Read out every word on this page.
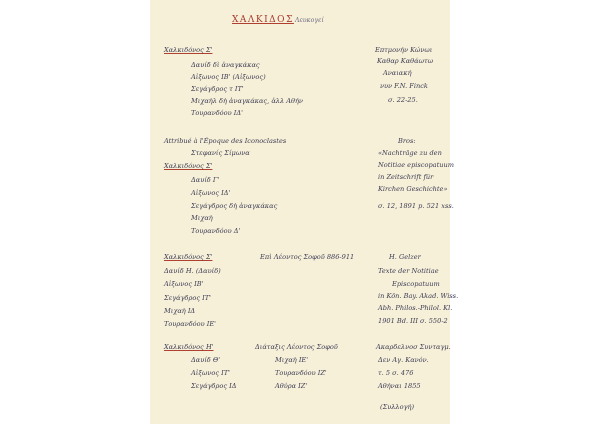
ΧΑΛΚΙΔΟΣ Λευκογεί
Χαλκιδόνος Σ'
Δαυίδ δὶ ἀναγκάκας
Αἰξωνος ΙΒ' (Αἰξωνος)
Σεγάγδρος τ ΙΤ'
Μιχαὴλ δὴ ἀναγκάκας, ἀλλ Αθήν
Τουρανδόου ΙΔ'
Επτμονήν Κώνωι
Καθαρ Καθάωτω
Αναιακή
νυν F.N. Finck
σ. 22-25.
Attribué à l'Époque des Iconoclastes
Στεφανίς Σίμωνα
Χαλκιδόνος Σ'
Δαυίδ Γ'
Αἰξωνος ΙΔ'
Σεγάγδρος δὴ ἀναγκάκας
Μιχαὴ
Τουρανδόου Δ'
Bros:
«Nachträge zu den
Notitiae episcopatuum
in Zeitschrift für
Kirchen Geschichte»
σ. 12, 1891 p. 521 xss.
Χαλκιδόνος Σ'
Δαυίδ Η. (Δαυίδ)
Αἰξωνος ΙΒ'
Σεγάγδρος ΙΤ'
Μιχαὴ ΙΔ
Τουρανδόου ΙΕ'
Επὶ Λέοντος Σοφοῦ 886-911	H. Gelzer
Texte der Notitiae
Episcopatuum
in Kön. Bay. Akad. Wiss.
Abh. Philos.-Philol. Kl.
1901 Bd. III σ. 550-2
Χαλκιδόνος Η'
Δαυίδ Θ'
Αἰξωνος ΙΤ'
Σεγάγδρος ΙΔ
Διάταξις Λέοντος Σοφοῦ
Μιχαὴ ΙΕ'
Τουρανδόου ΙΖ'
Αθύρα ΙΖ'
Ακαρδελνοσ Συνταγμ.
Δεν Αγ. Κανόν.
τ. 5 σ. 476
Αθήναι 1855
(Συλλογή)
